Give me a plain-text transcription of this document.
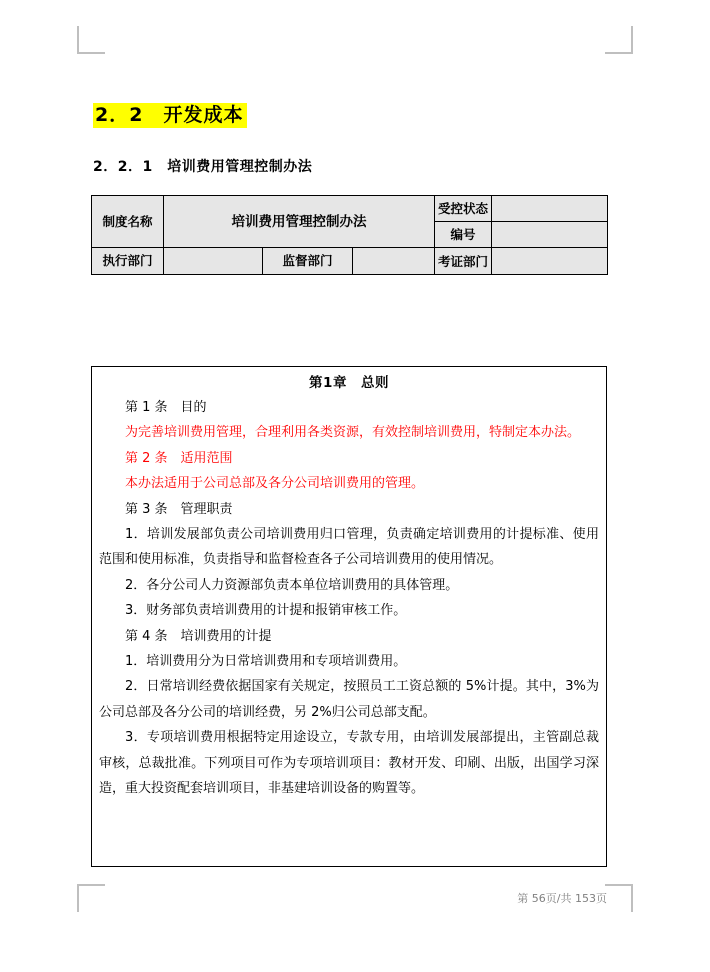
2．2　开发成本
2．2．1　培训费用管理控制办法
制度名称	培训费用管理控制办法			受控状态	
				编号	
执行部门		监督部门		考证部门	
第1章　总则

第 1 条　目的

为完善培训费用管理，合理利用各类资源，有效控制培训费用，特制定本办法。

第 2 条　适用范围

本办法适用于公司总部及各分公司培训费用的管理。

第 3 条　管理职责

1．培训发展部负责公司培训费用归口管理，负责确定培训费用的计提标准、使用范围和使用标准，负责指导和监督检查各子公司培训费用的使用情况。

2．各分公司人力资源部负责本单位培训费用的具体管理。

3．财务部负责培训费用的计提和报销审核工作。

第 4 条　培训费用的计提

1．培训费用分为日常培训费用和专项培训费用。

2．日常培训经费依据国家有关规定，按照员工工资总额的 5%计提。其中，3%为公司总部及各分公司的培训经费，另 2%归公司总部支配。

3．专项培训费用根据特定用途设立，专款专用，由培训发展部提出，主管副总裁审核，总裁批准。下列项目可作为专项培训项目：教材开发、印刷、出版，出国学习深造，重大投资配套培训项目，非基建培训设备的购置等。

第 56页/共 153页
